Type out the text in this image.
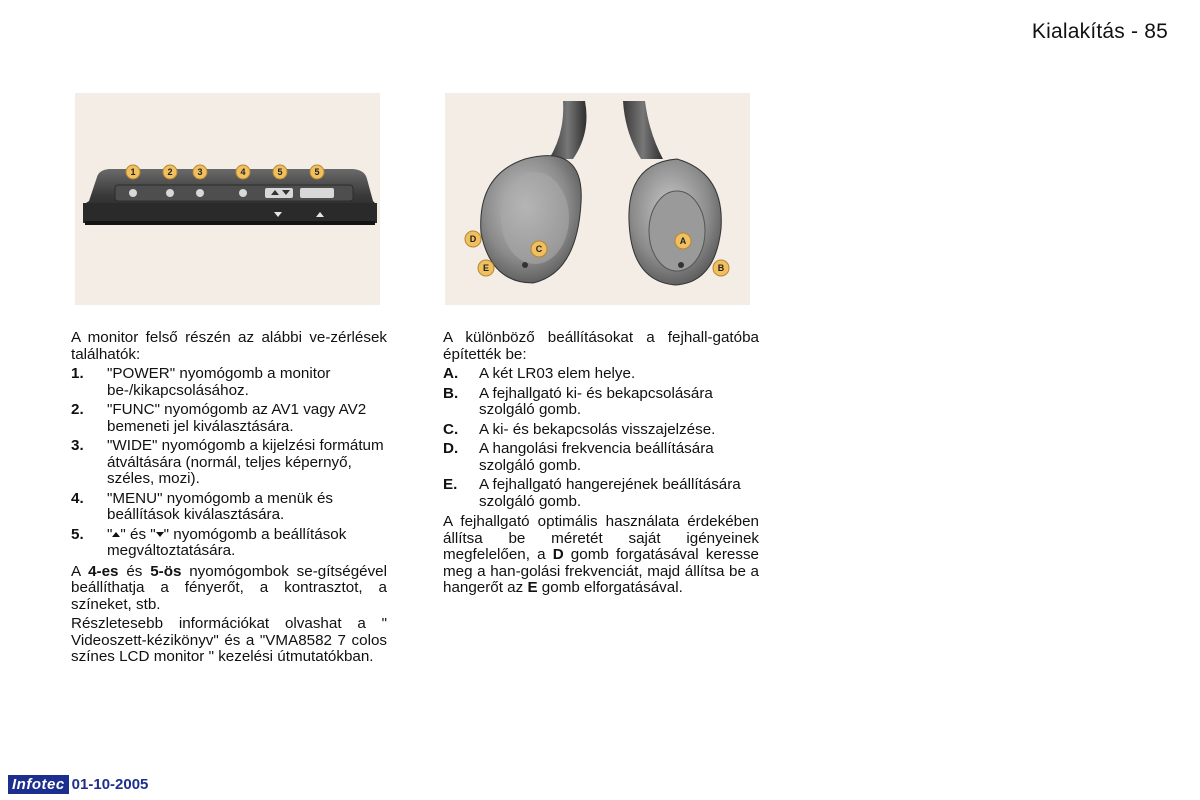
Kialakítás - 85
1	2	3	4	5	5
A
B
C
D
E

A monitor felső részén az alábbi ve-zérlések találhatók:

1.	"POWER" nyomógomb a monitor be-/kikapcsolásához.
2.	"FUNC" nyomógomb az AV1 vagy AV2 bemeneti jel kiválasztására.
3.	"WIDE" nyomógomb a kijelzési formátum átváltására (normál, teljes képernyő, széles, mozi).
4.	"MENU" nyomógomb a menük és beállítások kiválasztására.
5.	" " és " " nyomógomb a beállítások megváltoztatására.

A 4-es és 5-ös nyomógombok se-gítségével beállíthatja a fényerőt, a kontrasztot, a színeket, stb.

Részletesebb információkat olvashat a " Videoszett-kézikönyv" és a "VMA8582 7 colos színes LCD monitor " kezelési útmutatókban.

A különböző beállításokat a fejhall-gatóba építették be:

A.	A két LR03 elem helye.
B.	A fejhallgató ki- és bekapcsolására szolgáló gomb.
C.	A ki- és bekapcsolás visszajelzése.
D.	A hangolási frekvencia beállítására szolgáló gomb.
E.	A fejhallgató hangerejének beállítására szolgáló gomb.

A fejhallgató optimális használata érdekében állítsa be méretét saját igényeinek megfelelően, a D gomb forgatásával keresse meg a han-golási frekvenciát, majd állítsa be a hangerőt az E gomb elforgatásával.

Infotec 01-10-2005
